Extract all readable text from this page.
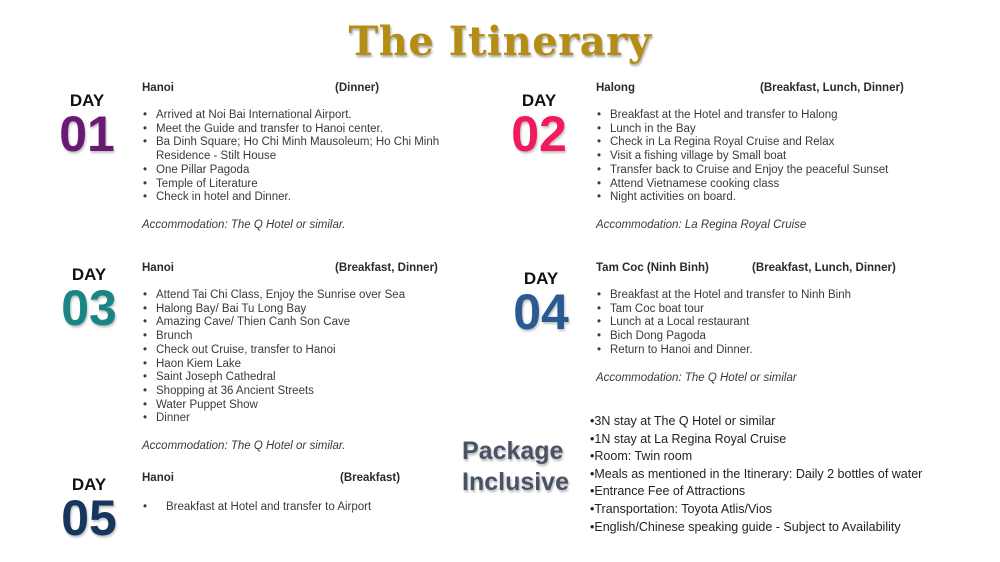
The Itinerary
DAY
01
Hanoi	(Dinner)
• Arrived at Noi Bai International Airport.
• Meet the Guide and transfer to Hanoi center.
• Ba Dinh Square; Ho Chi Minh Mausoleum; Ho Chi Minh Residence - Stilt House
• One Pillar Pagoda
• Temple of Literature
• Check in hotel and Dinner.
Accommodation: The Q Hotel or similar.
DAY
02
Halong	(Breakfast, Lunch, Dinner)
• Breakfast at the Hotel and transfer to Halong
• Lunch in the Bay
• Check in La Regina Royal Cruise and Relax
• Visit a fishing village by Small boat
• Transfer back to Cruise and Enjoy the peaceful Sunset
• Attend Vietnamese cooking class
• Night activities on board.
Accommodation: La Regina Royal Cruise
DAY
03
Hanoi	(Breakfast, Dinner)
• Attend Tai Chi Class, Enjoy the Sunrise over Sea
• Halong Bay/ Bai Tu Long Bay
• Amazing Cave/ Thien Canh Son Cave
• Brunch
• Check out Cruise, transfer to Hanoi
• Haon Kiem Lake
• Saint Joseph Cathedral
• Shopping at 36 Ancient Streets
• Water Puppet Show
• Dinner
Accommodation: The Q Hotel or similar.
DAY
04
Tam Coc (Ninh Binh)	(Breakfast, Lunch, Dinner)
• Breakfast at the Hotel and transfer to Ninh Binh
• Tam Coc boat tour
• Lunch at a Local restaurant
• Bich Dong Pagoda
• Return to Hanoi and Dinner.
Accommodation: The Q Hotel or similar
DAY
05
Hanoi	(Breakfast)
• Breakfast at Hotel and transfer to Airport
Package
Inclusive
• 3N stay at The Q Hotel or similar
• 1N stay at La Regina Royal Cruise
• Room: Twin room
• Meals as mentioned in the Itinerary: Daily 2 bottles of water
• Entrance Fee of Attractions
• Transportation: Toyota Atlis/Vios
• English/Chinese speaking guide - Subject to Availability
